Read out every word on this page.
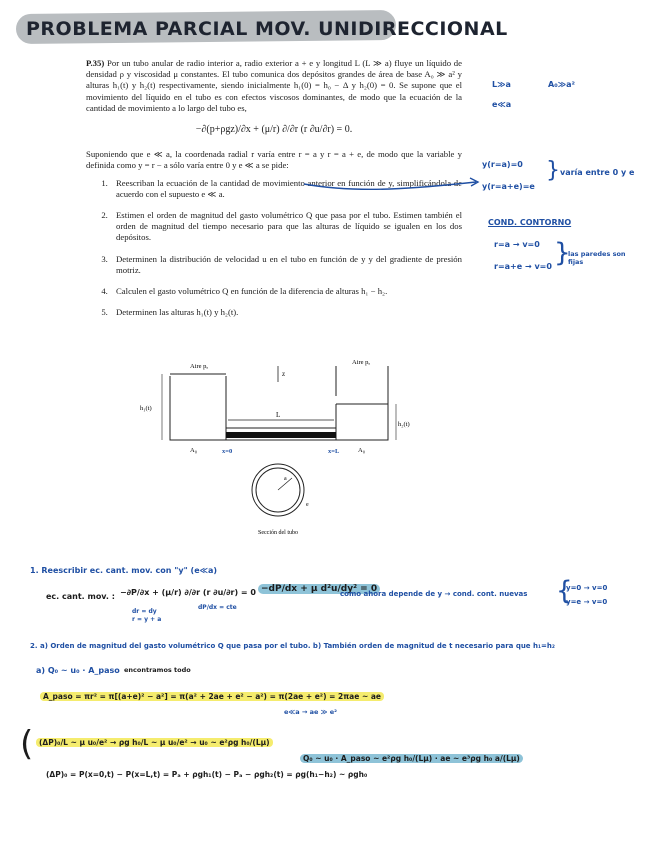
PROBLEMA PARCIAL MOV. UNIDIRECCIONAL

P.35) Por un tubo anular de radio interior a, radio exterior a + e y longitud L (L ≫ a) fluye un líquido de densidad ρ y viscosidad μ constantes. El tubo comunica dos depósitos grandes de área de base A₀ ≫ a² y alturas h₁(t) y h₂(t) respectivamente, siendo inicialmente h₁(0) = h₀ − Δ y h₂(0) = 0. Se supone que el movimiento del líquido en el tubo es con efectos viscosos dominantes, de modo que la ecuación de la cantidad de movimiento a lo largo del tubo es,

−∂(p+ρgz)/∂x + (μ/r) ∂/∂r (r ∂u/∂r) = 0.

Suponiendo que e ≪ a, la coordenada radial r varía entre r = a y r = a + e, de modo que la variable y definida como y = r − a sólo varía entre 0 y e ≪ a se pide:

1. Reescriban la ecuación de la cantidad de movimiento anterior en función de y, simplificándola de acuerdo con el supuesto e ≪ a.
2. Estimen el orden de magnitud del gasto volumétrico Q que pasa por el tubo. Estimen también el orden de magnitud del tiempo necesario para que las alturas de líquido se igualen en los dos depósitos.
3. Determinen la distribución de velocidad u en el tubo en función de y y del gradiente de presión motriz.
4. Calculen el gasto volumétrico Q en función de la diferencia de alturas h₁ − h₂.
5. Determinen las alturas h₁(t) y h₂(t).
L≫a	A₀≫a²
e≪a
y(r=a)=0
y(r=a+e)=e
} varía entre 0 y e
COND. CONTORNO
r=a → v=0
r=a+e → v=0 }
las paredes son fijas
L
z
Aire pₐ
Aire pₐ
h₁(t)
h₂(t)
A₀	A₀
x=0	x=L
a
e
Sección del tubo
1. Reescribir ec. cant. mov. con "y" (e≪a)
ec. cant. mov. : −∂P/∂x + (μ/r) ∂/∂r (r ∂u/∂r) = 0 −dP/dx + μ d²u/dy² = 0
dr = dy
r = y + a
dP/dx = cte
como ahora depende de y → cond. cont. nuevas {
y=0 → v=0
y=e → v=0
2. a) Orden de magnitud del gasto volumétrico Q que pasa por el tubo. b) También orden de magnitud de t necesario para que h₁=h₂
a) Q₀ ~ u₀ · A_paso encontramos todo
A_paso = πr² = π[(a+e)² − a²] = π(a² + 2ae + e² − a²) = π(2ae + e²) = 2πae ~ ae
e≪a → ae ≫ e²
( (ΔP)₀/L ~ μ u₀/e² → ρg h₀/L ~ μ u₀/e² → u₀ ~ e²ρg h₀/(Lμ)
Q₀ ~ u₀ · A_paso ~ e²ρg h₀/(Lμ) · ae ~ e³ρg h₀ a/(Lμ)
(ΔP)₀ = P(x=0,t) − P(x=L,t) = Pₐ + ρgh₁(t) − Pₐ − ρgh₂(t) = ρg(h₁−h₂) ~ ρgh₀
